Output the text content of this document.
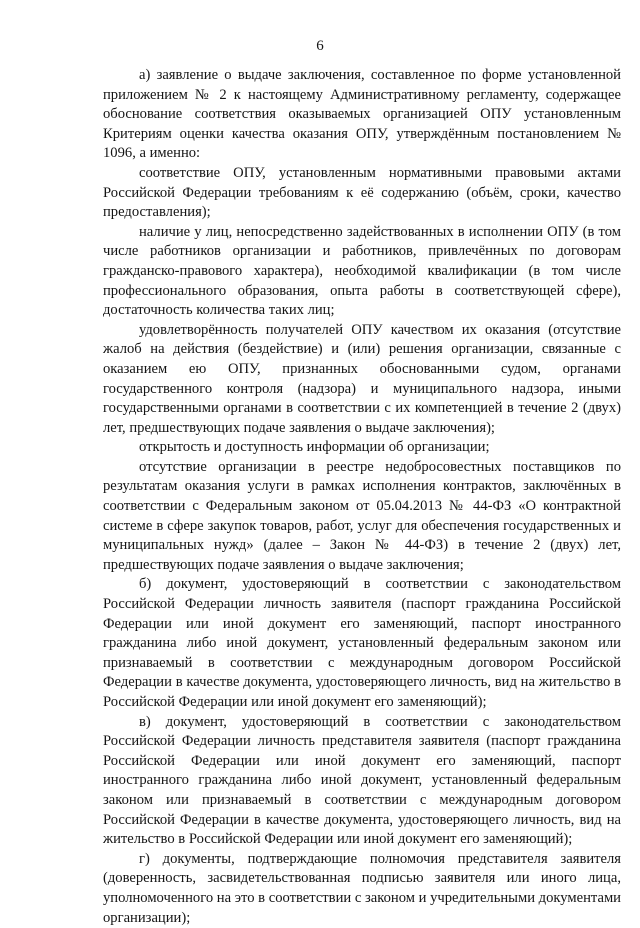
6

а) заявление о выдаче заключения, составленное по форме установленной приложением № 2 к настоящему Административному регламенту, содержащее обоснование соответствия оказываемых организацией ОПУ установленным Критериям оценки качества оказания ОПУ, утверждённым постановлением № 1096, а именно:

соответствие ОПУ, установленным нормативными правовыми актами Российской Федерации требованиям к её содержанию (объём, сроки, качество предоставления);

наличие у лиц, непосредственно задействованных в исполнении ОПУ (в том числе работников организации и работников, привлечённых по договорам гражданско-правового характера), необходимой квалификации (в том числе профессионального образования, опыта работы в соответствующей сфере), достаточность количества таких лиц;

удовлетворённость получателей ОПУ качеством их оказания (отсутствие жалоб на действия (бездействие) и (или) решения организации, связанные с оказанием ею ОПУ, признанных обоснованными судом, органами государственного контроля (надзора) и муниципального надзора, иными государственными органами в соответствии с их компетенцией в течение 2 (двух) лет, предшествующих подаче заявления о выдаче заключения);

открытость и доступность информации об организации;

отсутствие организации в реестре недобросовестных поставщиков по результатам оказания услуги в рамках исполнения контрактов, заключённых в соответствии с Федеральным законом от 05.04.2013 № 44-ФЗ «О контрактной системе в сфере закупок товаров, работ, услуг для обеспечения государственных и муниципальных нужд» (далее – Закон № 44-ФЗ) в течение 2 (двух) лет, предшествующих подаче заявления о выдаче заключения;

б) документ, удостоверяющий в соответствии с законодательством Российской Федерации личность заявителя (паспорт гражданина Российской Федерации или иной документ его заменяющий, паспорт иностранного гражданина либо иной документ, установленный федеральным законом или признаваемый в соответствии с международным договором Российской Федерации в качестве документа, удостоверяющего личность, вид на жительство в Российской Федерации или иной документ его заменяющий);

в) документ, удостоверяющий в соответствии с законодательством Российской Федерации личность представителя заявителя (паспорт гражданина Российской Федерации или иной документ его заменяющий, паспорт иностранного гражданина либо иной документ, установленный федеральным законом или признаваемый в соответствии с международным договором Российской Федерации в качестве документа, удостоверяющего личность, вид на жительство в Российской Федерации или иной документ его заменяющий);

г) документы, подтверждающие полномочия представителя заявителя (доверенность, засвидетельствованная подписью заявителя или иного лица, уполномоченного на это в соответствии с законом и учредительными документами организации);
